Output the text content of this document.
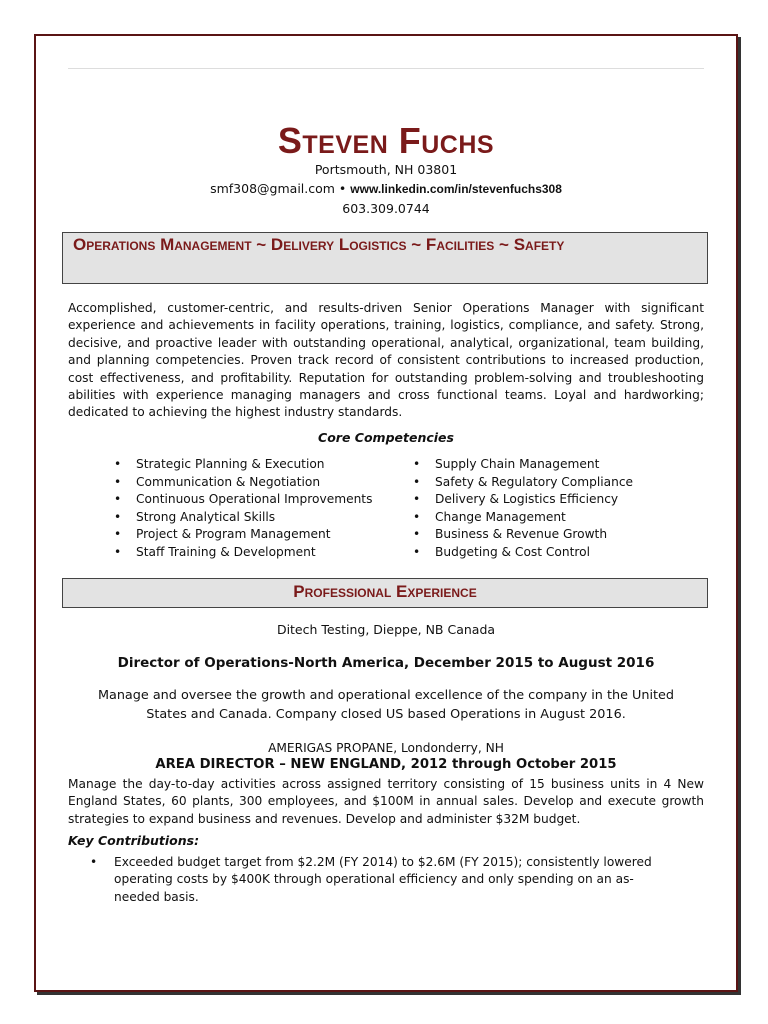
Steven Fuchs
Portsmouth, NH 03801
smf308@gmail.com • www.linkedin.com/in/stevenfuchs308
603.309.0744
Operations Management ~ Delivery Logistics ~ Facilities ~ Safety
Accomplished, customer-centric, and results-driven Senior Operations Manager with significant experience and achievements in facility operations, training, logistics, compliance, and safety. Strong, decisive, and proactive leader with outstanding operational, analytical, organizational, team building, and planning competencies. Proven track record of consistent contributions to increased production, cost effectiveness, and profitability. Reputation for outstanding problem-solving and troubleshooting abilities with experience managing managers and cross functional teams. Loyal and hardworking; dedicated to achieving the highest industry standards.
Core Competencies
• Strategic Planning & Execution
• Communication & Negotiation
• Continuous Operational Improvements
• Strong Analytical Skills
• Project & Program Management
• Staff Training & Development
• Supply Chain Management
• Safety & Regulatory Compliance
• Delivery & Logistics Efficiency
• Change Management
• Business & Revenue Growth
• Budgeting & Cost Control
Professional Experience
Ditech Testing, Dieppe, NB Canada
Director of Operations-North America, December 2015 to August 2016
Manage and oversee the growth and operational excellence of the company in the United States and Canada. Company closed US based Operations in August 2016.
AMERIGAS PROPANE, Londonderry, NH
AREA DIRECTOR – NEW ENGLAND, 2012 through October 2015
Manage the day-to-day activities across assigned territory consisting of 15 business units in 4 New England States, 60 plants, 300 employees, and $100M in annual sales. Develop and execute growth strategies to expand business and revenues. Develop and administer $32M budget.
Key Contributions:
• Exceeded budget target from $2.2M (FY 2014) to $2.6M (FY 2015); consistently lowered operating costs by $400K through operational efficiency and only spending on an as-needed basis.
